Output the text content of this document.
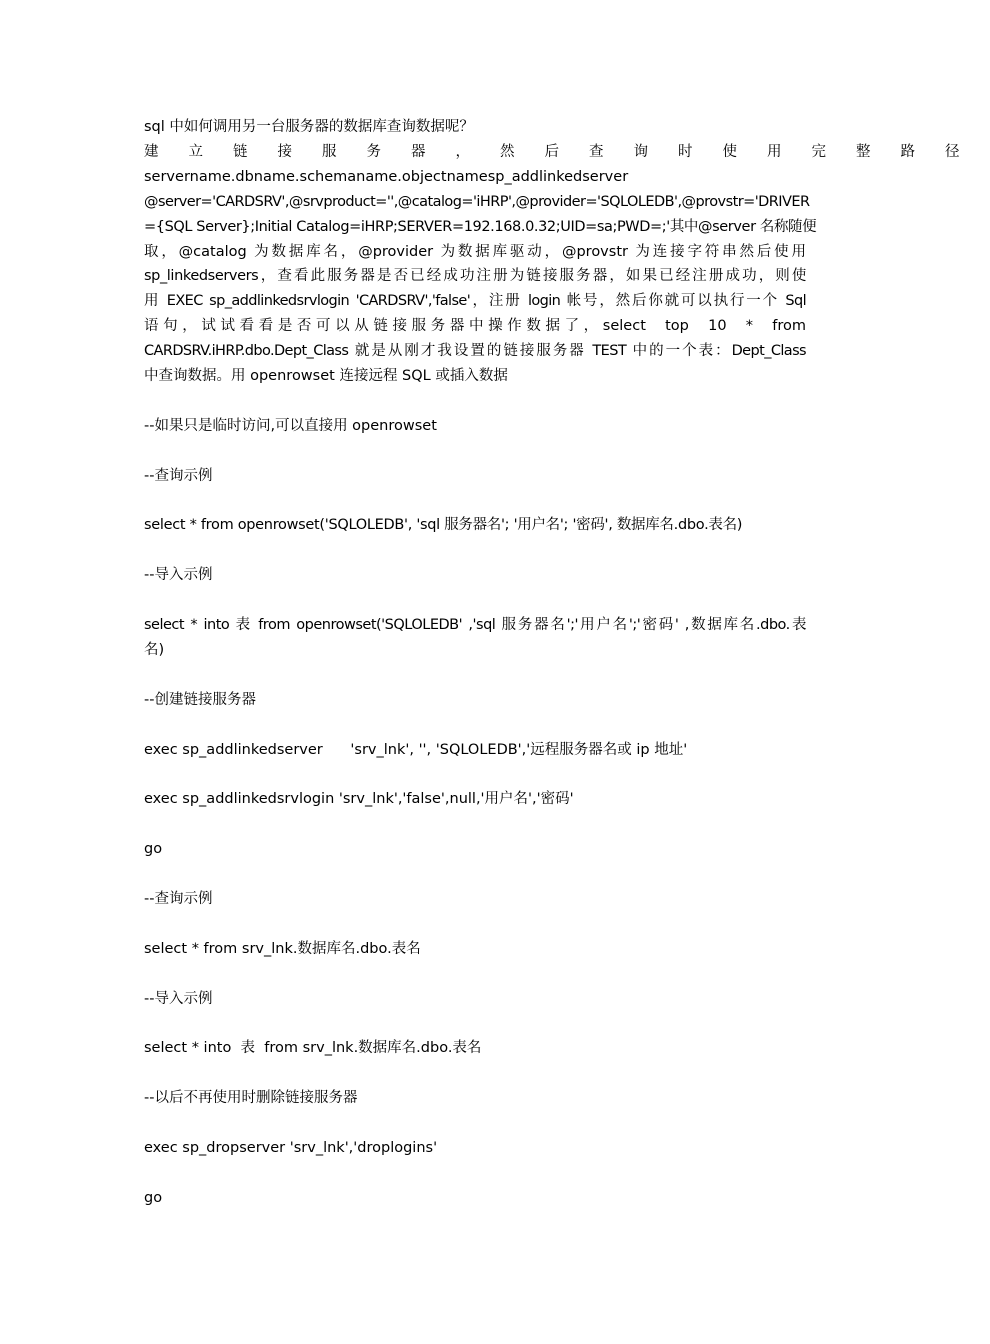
sql 中如何调用另一台服务器的数据库查询数据呢？

建立链接服务器，然后查询时使用完整路径

servername.dbname.schemaname.objectnamesp_addlinkedserver

@server='CARDSRV',@srvproduct='',@catalog='iHRP',@provider='SQLOLEDB',@provstr='DRIVER

={SQL Server};Initial Catalog=iHRP;SERVER=192.168.0.32;UID=sa;PWD=;'其中@server 名称随便

取，@catalog 为数据库名，@provider 为数据库驱动，@provstr 为连接字符串然后使用

sp_linkedservers，查看此服务器是否已经成功注册为链接服务器，如果已经注册成功，则使

用 EXEC sp_addlinkedsrvlogin 'CARDSRV','false'，注册 login 帐号，然后你就可以执行一个 Sql

语句，试试看看是否可以从链接服务器中操作数据了，select top 10 * from

CARDSRV.iHRP.dbo.Dept_Class 就是从刚才我设置的链接服务器 TEST 中的一个表：Dept_Class

中查询数据。用 openrowset 连接远程 SQL 或插入数据

--如果只是临时访问,可以直接用 openrowset

--查询示例

select * from openrowset('SQLOLEDB', 'sql 服务器名'; '用户名'; '密码', 数据库名.dbo.表名)

--导入示例

select * into 表 from openrowset('SQLOLEDB' ,'sql 服务器名';'用户名';'密码' ,数据库名.dbo.表

名)

--创建链接服务器

exec sp_addlinkedserver      'srv_lnk', '', 'SQLOLEDB','远程服务器名或 ip 地址'

exec sp_addlinkedsrvlogin 'srv_lnk','false',null,'用户名','密码'

go

--查询示例

select * from srv_lnk.数据库名.dbo.表名

--导入示例

select * into  表  from srv_lnk.数据库名.dbo.表名

--以后不再使用时删除链接服务器

exec sp_dropserver 'srv_lnk','droplogins'

go
